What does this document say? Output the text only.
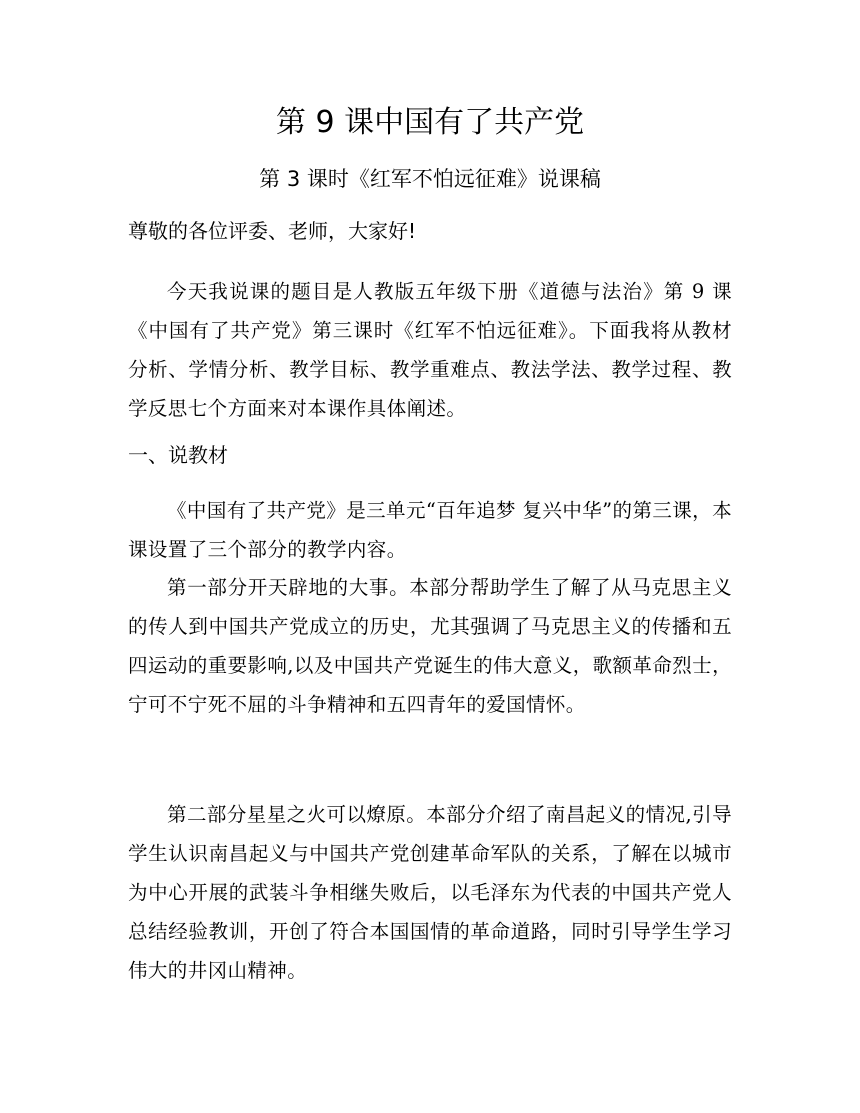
第 9 课中国有了共产党
第 3 课时《红军不怕远征难》说课稿

尊敬的各位评委、老师，大家好!

今天我说课的题目是人教版五年级下册《道德与法治》第 9 课《中国有了共产党》第三课时《红军不怕远征难》。下面我将从教材分析、学情分析、教学目标、教学重难点、教法学法、教学过程、教学反思七个方面来对本课作具体阐述。

一、说教材

《中国有了共产党》是三单元“百年追梦 复兴中华”的第三课，本课设置了三个部分的教学内容。

第一部分开天辟地的大事。本部分帮助学生了解了从马克思主义的传人到中国共产党成立的历史，尤其强调了马克思主义的传播和五四运动的重要影响,以及中国共产党诞生的伟大意义，歌额革命烈士，宁可不宁死不屈的斗争精神和五四青年的爱国情怀。

第二部分星星之火可以燎原。本部分介绍了南昌起义的情况,引导学生认识南昌起义与中国共产党创建革命军队的关系，了解在以城市为中心开展的武装斗争相继失败后，以毛泽东为代表的中国共产党人总结经验教训，开创了符合本国国情的革命道路，同时引导学生学习伟大的井冈山精神。
